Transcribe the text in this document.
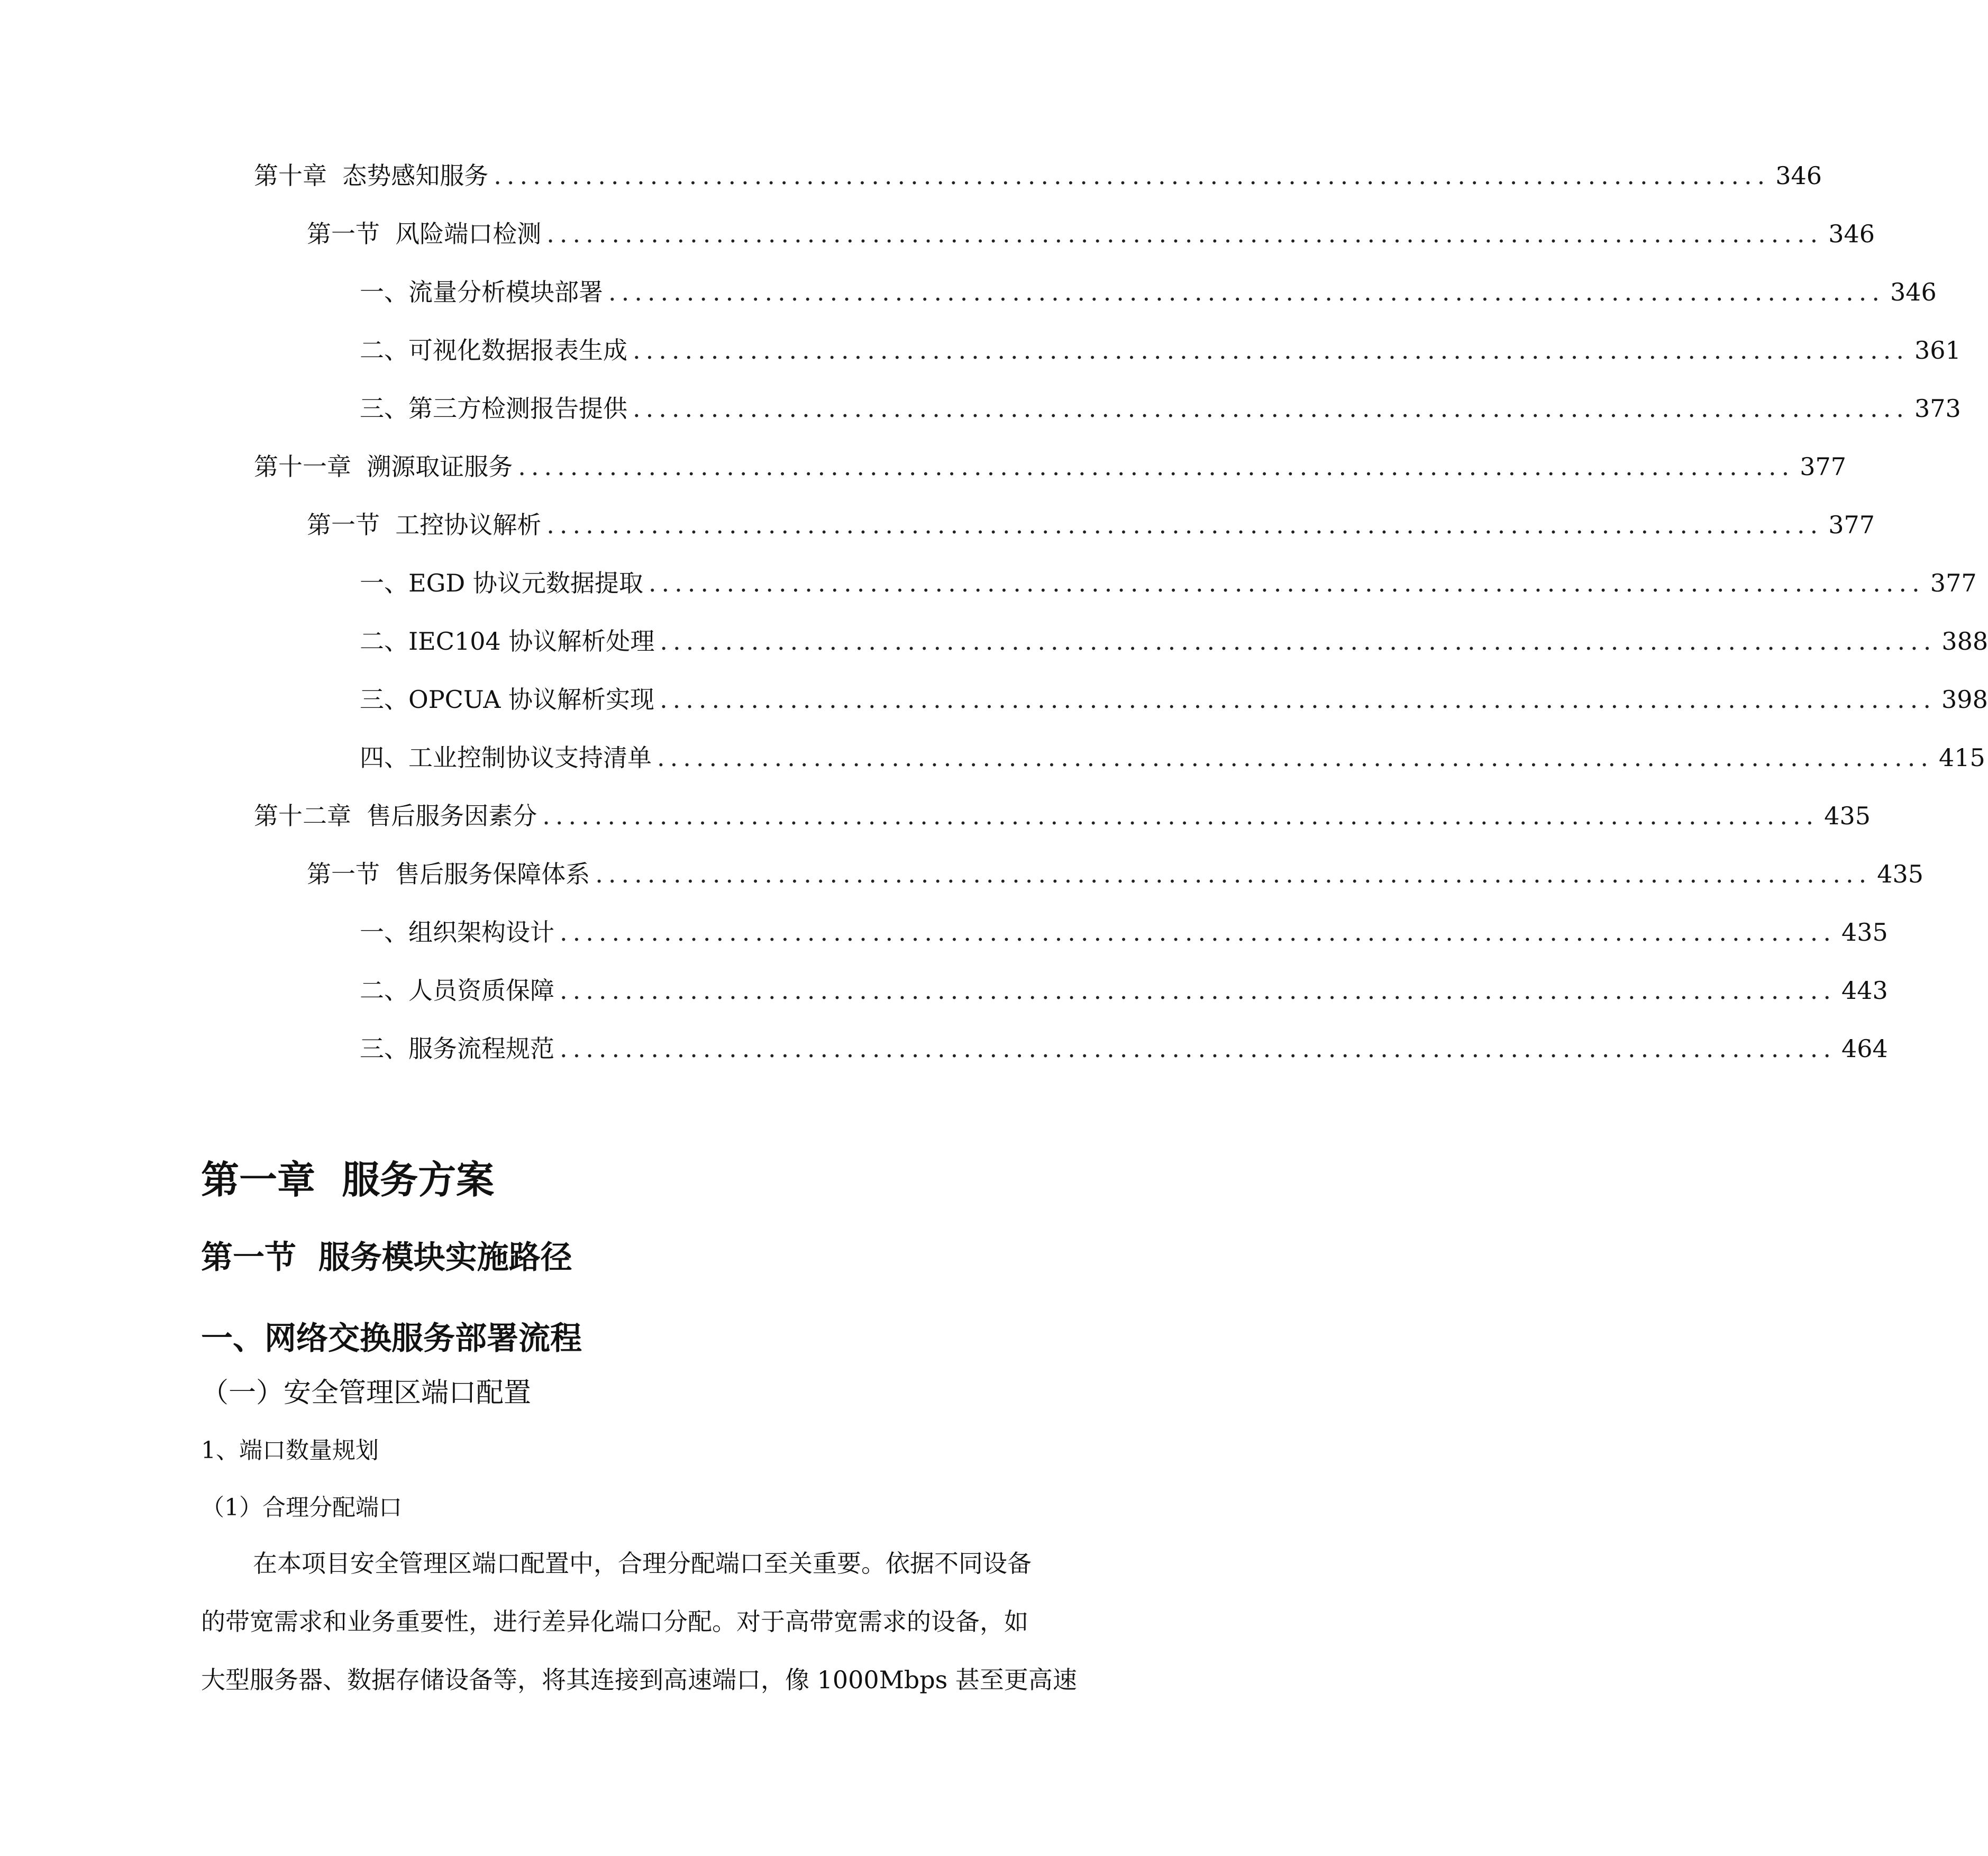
第十章
态势感知服务 .................................................................................................. 346
第一节
风险端口检测 .................................................................................................. 346
一、 流量分析模块部署 .................................................................................................. 346
二、 可视化数据报表生成 .................................................................................................. 361
三、 第三方检测报告提供 .................................................................................................. 373
第十一章
溯源取证服务 .................................................................................................. 377
第一节
工控协议解析 .................................................................................................. 377
一、 EGD 协议元数据提取 .................................................................................................. 377
二、 IEC104 协议解析处理 .................................................................................................. 388
三、 OPCUA 协议解析实现 .................................................................................................. 398
四、 工业控制协议支持清单 .................................................................................................. 415
第十二章
售后服务因素分 .................................................................................................. 435
第一节
售后服务保障体系 .................................................................................................. 435
一、 组织架构设计 .................................................................................................. 435
二、 人员资质保障 .................................................................................................. 443
三、 服务流程规范 .................................................................................................. 464
第一章  服务方案
第一节  服务模块实施路径
一、网络交换服务部署流程
（一）安全管理区端口配置
1、端口数量规划
（1）合理分配端口
在本项目安全管理区端口配置中，合理分配端口至关重要。依据不同设备
的带宽需求和业务重要性，进行差异化端口分配。对于高带宽需求的设备，如
大型服务器、数据存储设备等，将其连接到高速端口，像 1000Mbps 甚至更高速
